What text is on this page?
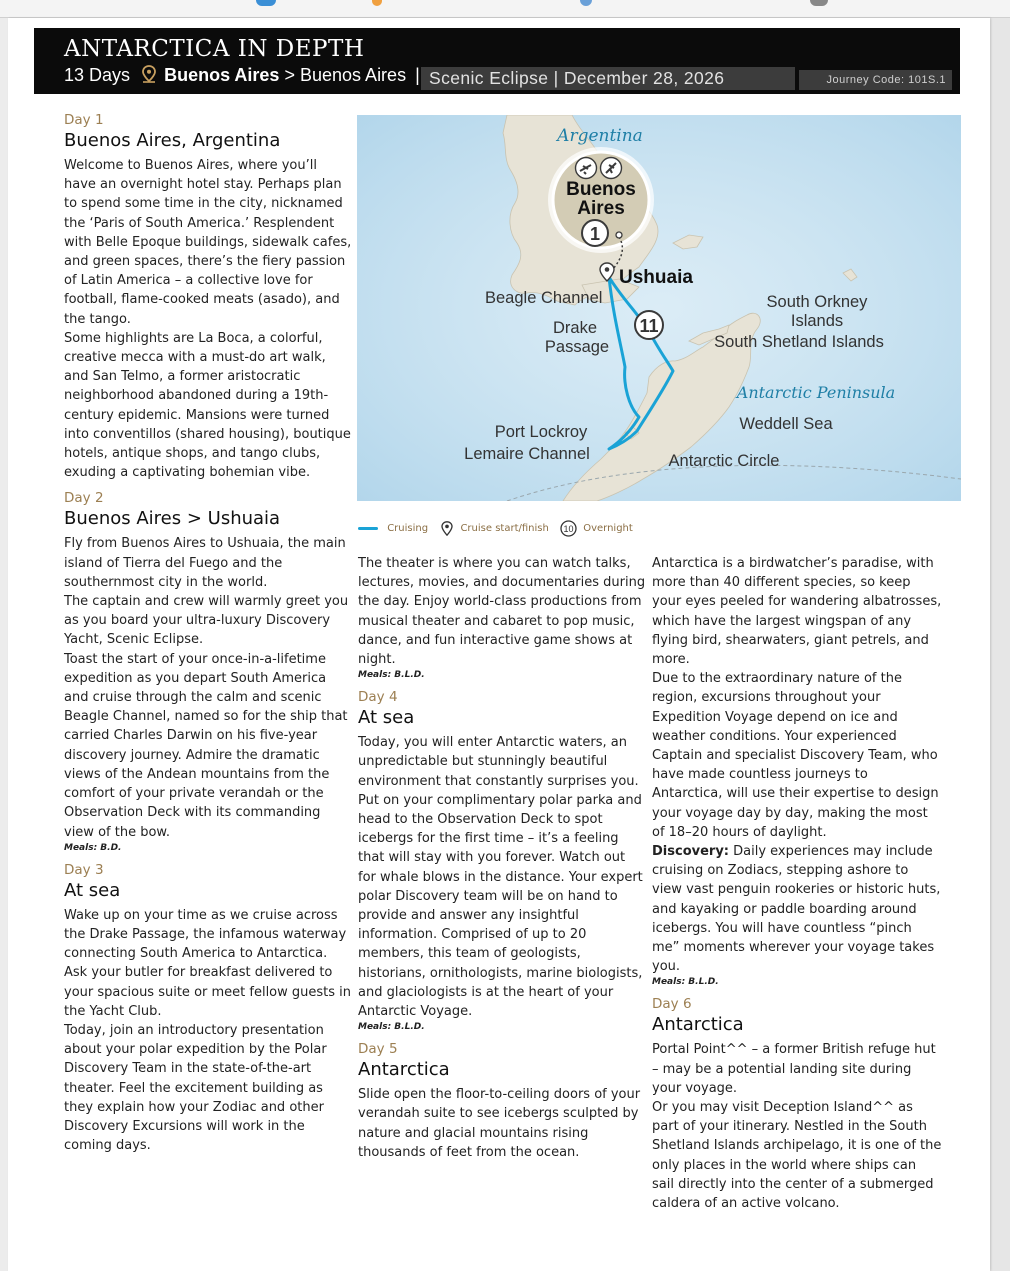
ANTARCTICA IN DEPTH
13 Days Buenos Aires > Buenos Aires | Scenic Eclipse | December 28, 2026	Journey Code: 101S.1
Day 1
Buenos Aires, Argentina

Welcome to Buenos Aires, where you’ll have an overnight hotel stay. Perhaps plan to spend some time in the city, nicknamed the ‘Paris of South America.’ Resplendent with Belle Epoque buildings, sidewalk cafes, and green spaces, there’s the fiery passion of Latin America – a collective love for football, flame-cooked meats (asado), and the tango.

Some highlights are La Boca, a colorful, creative mecca with a must-do art walk, and San Telmo, a former aristocratic neighborhood abandoned during a 19th-century epidemic. Mansions were turned into conventillos (shared housing), boutique hotels, antique shops, and tango clubs, exuding a captivating bohemian vibe.

Day 2
Buenos Aires > Ushuaia

Fly from Buenos Aires to Ushuaia, the main island of Tierra del Fuego and the southernmost city in the world.

The captain and crew will warmly greet you as you board your ultra-luxury Discovery Yacht, Scenic Eclipse.

Toast the start of your once-in-a-lifetime expedition as you depart South America and cruise through the calm and scenic Beagle Channel, named so for the ship that carried Charles Darwin on his five-year discovery journey. Admire the dramatic views of the Andean mountains from the comfort of your private verandah or the Observation Deck with its commanding view of the bow.

Meals: B.D.
Day 3
At sea

Wake up on your time as we cruise across the Drake Passage, the infamous waterway connecting South America to Antarctica. Ask your butler for breakfast delivered to your spacious suite or meet fellow guests in the Yacht Club.

Today, join an introductory presentation about your polar expedition by the Polar Discovery Team in the state-of-the-art theater. Feel the excitement building as they explain how your Zodiac and other Discovery Excursions will work in the coming days.

1
11
Argentina
Buenos
Aires
Ushuaia
Beagle Channel
Drake
Passage
South Orkney
Islands
South Shetland Islands
Antarctic Peninsula
Weddell Sea
Port Lockroy
Lemaire Channel	Antarctic Circle
Cruising	Cruise start/finish 10 Overnight

The theater is where you can watch talks, lectures, movies, and documentaries during the day. Enjoy world-class productions from musical theater and cabaret to pop music, dance, and fun interactive game shows at night.

Meals: B.L.D.
Day 4
At sea

Today, you will enter Antarctic waters, an unpredictable but stunningly beautiful environment that constantly surprises you. Put on your complimentary polar parka and head to the Observation Deck to spot icebergs for the first time – it’s a feeling that will stay with you forever. Watch out for whale blows in the distance. Your expert polar Discovery team will be on hand to provide and answer any insightful information. Comprised of up to 20 members, this team of geologists, historians, ornithologists, marine biologists, and glaciologists is at the heart of your Antarctic Voyage.

Meals: B.L.D.
Day 5
Antarctica

Slide open the floor-to-ceiling doors of your verandah suite to see icebergs sculpted by nature and glacial mountains rising thousands of feet from the ocean.

Antarctica is a birdwatcher’s paradise, with more than 40 different species, so keep your eyes peeled for wandering albatrosses, which have the largest wingspan of any flying bird, shearwaters, giant petrels, and more.

Due to the extraordinary nature of the region, excursions throughout your Expedition Voyage depend on ice and weather conditions. Your experienced Captain and specialist Discovery Team, who have made countless journeys to Antarctica, will use their expertise to design your voyage day by day, making the most of 18–20 hours of daylight.

Discovery: Daily experiences may include cruising on Zodiacs, stepping ashore to view vast penguin rookeries or historic huts, and kayaking or paddle boarding around icebergs. You will have countless “pinch me” moments wherever your voyage takes you.

Meals: B.L.D.
Day 6
Antarctica

Portal Point^^ – a former British refuge hut – may be a potential landing site during your voyage.

Or you may visit Deception Island^^ as part of your itinerary. Nestled in the South Shetland Islands archipelago, it is one of the only places in the world where ships can sail directly into the center of a submerged caldera of an active volcano.
